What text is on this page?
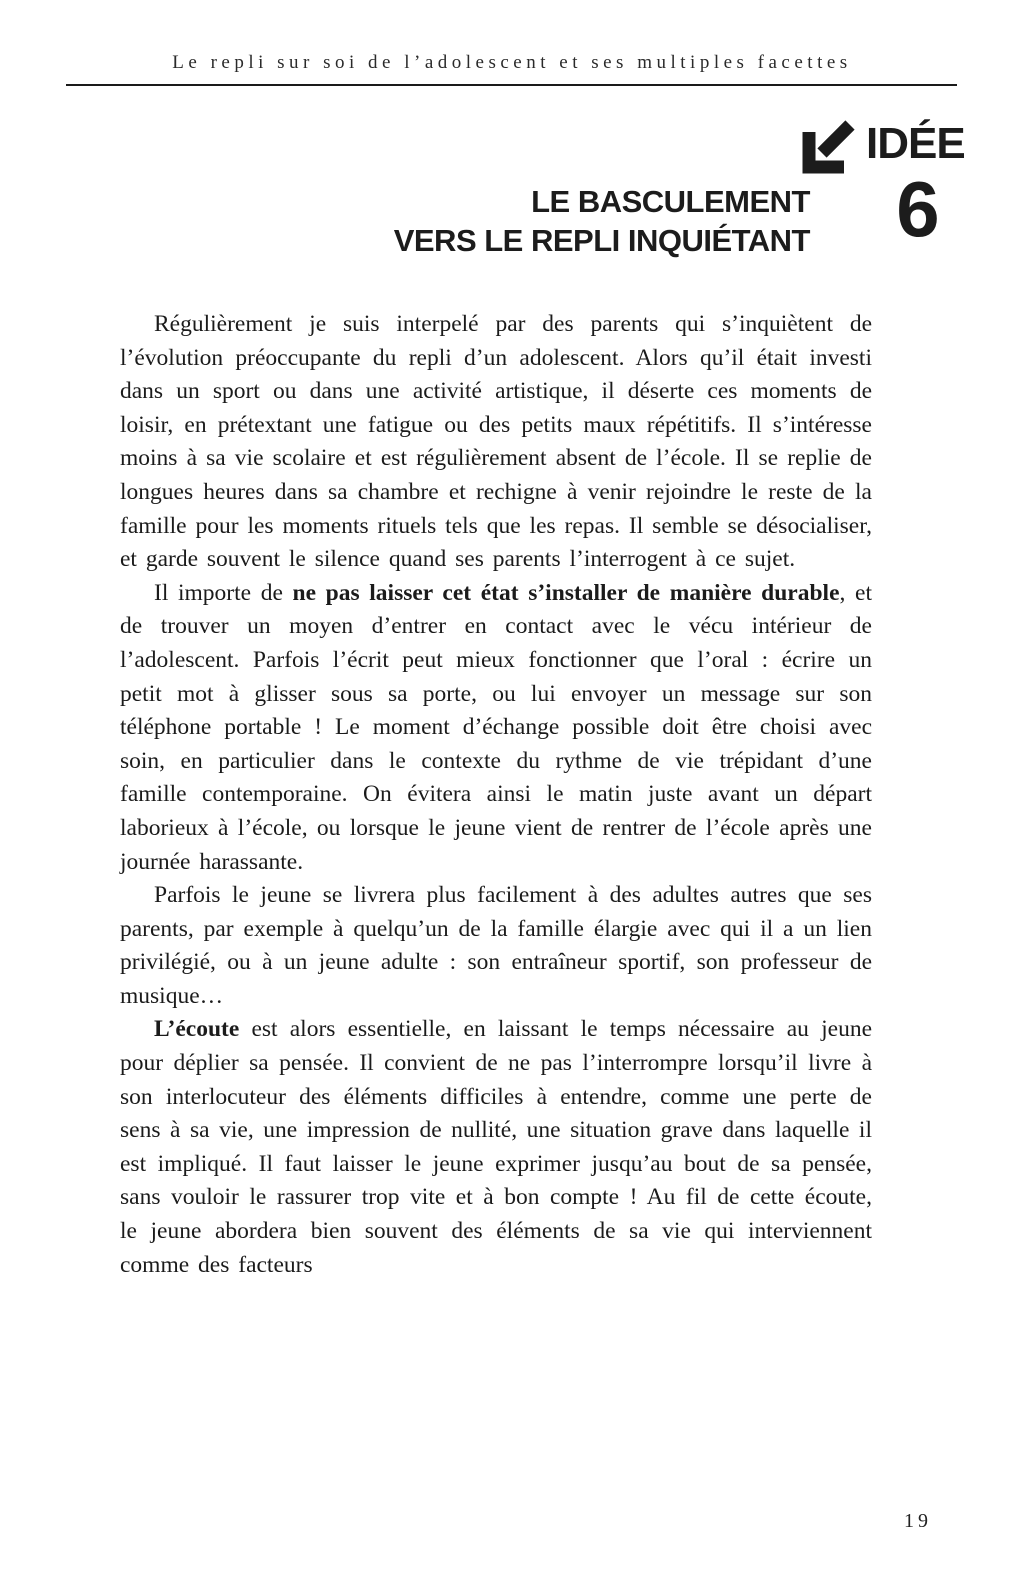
Le repli sur soi de l’adolescent et ses multiples facettes
IDÉE
6
LE BASCULEMENT
VERS LE REPLI INQUIÉTANT

Régulièrement je suis interpelé par des parents qui s’inquiètent de l’évolution préoccupante du repli d’un adolescent. Alors qu’il était investi dans un sport ou dans une activité artistique, il déserte ces moments de loisir, en prétextant une fatigue ou des petits maux répétitifs. Il s’intéresse moins à sa vie scolaire et est régulièrement absent de l’école. Il se replie de longues heures dans sa chambre et rechigne à venir rejoindre le reste de la famille pour les moments rituels tels que les repas. Il semble se désocialiser, et garde souvent le silence quand ses parents l’interrogent à ce sujet.

Il importe de ne pas laisser cet état s’installer de manière durable, et de trouver un moyen d’entrer en contact avec le vécu intérieur de l’adolescent. Parfois l’écrit peut mieux fonctionner que l’oral : écrire un petit mot à glisser sous sa porte, ou lui envoyer un message sur son téléphone portable ! Le moment d’échange possible doit être choisi avec soin, en particulier dans le contexte du rythme de vie trépidant d’une famille contemporaine. On évitera ainsi le matin juste avant un départ laborieux à l’école, ou lorsque le jeune vient de rentrer de l’école après une journée harassante.

Parfois le jeune se livrera plus facilement à des adultes autres que ses parents, par exemple à quelqu’un de la famille élargie avec qui il a un lien privilégié, ou à un jeune adulte : son entraîneur sportif, son professeur de musique…

L’écoute est alors essentielle, en laissant le temps nécessaire au jeune pour déplier sa pensée. Il convient de ne pas l’interrompre lorsqu’il livre à son interlocuteur des éléments difficiles à entendre, comme une perte de sens à sa vie, une impression de nullité, une situation grave dans laquelle il est impliqué. Il faut laisser le jeune exprimer jusqu’au bout de sa pensée, sans vouloir le rassurer trop vite et à bon compte ! Au fil de cette écoute, le jeune abordera bien souvent des éléments de sa vie qui interviennent comme des facteurs

19
